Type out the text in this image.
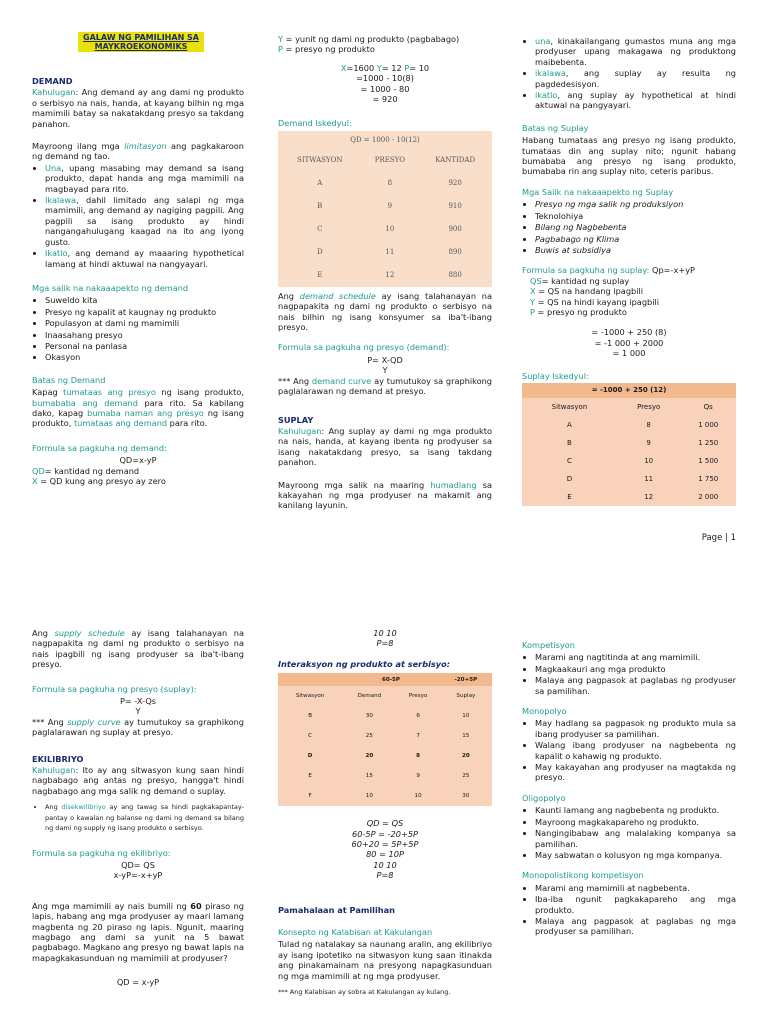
GALAW NG PAMILIHAN SA MAYKROEKONOMIKS
DEMAND

Kahulugan: Ang demand ay ang dami ng produkto o serbisyo na nais, handa, at kayang bilhin ng mga mamimili batay sa nakatakdang presyo sa takdang panahon.

Mayroong ilang mga limitasyon ang pagkakaroon ng demand ng tao.

• Una, upang masabing may demand sa isang produkto, dapat handa ang mga mamimili na magbayad para rito.
• Ikalawa, dahil limitado ang salapi ng mga mamimili, ang demand ay nagiging pagpili. Ang pagpili sa isang produkto ay hindi nangangahulugang kaagad na ito ang iyong gusto.
• Ikatlo, ang demand ay maaaring hypothetical lamang at hindi aktuwal na nangyayari.
Mga salik na nakaaapekto ng demand
• Suweldo kita
• Presyo ng kapalit at kaugnay ng produkto
• Populasyon at dami ng mamimili
• Inaasahang presyo
• Personal na panlasa
• Okasyon
Batas ng Demand

Kapag tumataas ang presyo ng isang produkto, bumababa ang demand para rito. Sa kabilang dako, kapag bumaba naman ang presyo ng isang produkto, tumataas ang demand para rito.

Formula sa pagkuha ng demand:
QD=x-yP
QD= kantidad ng demand
X = QD kung ang presyo ay zero
Y = yunit ng dami ng produkto (pagbabago)
P = presyo ng produkto
X=1600 Y= 12 P= 10
=1000 - 10(8)
= 1000 - 80
= 920
Demand Iskedyul:
QD = 1000 - 10(12)		
SITWASYON	PRESYO	KANTIDAD
A	8	920
B	9	910
C	10	900
D	11	890
E	12	880

Ang demand schedule ay isang talahanayan na nagpapakita ng dami ng produkto o serbisyo na nais bilhin ng isang konsyumer sa iba't-ibang presyo.

Formula sa pagkuha ng presyo (demand):
P= X-QD
Y

*** Ang demand curve ay tumutukoy sa graphikong paglalarawan ng demand at presyo.

SUPLAY

Kahulugan: Ang suplay ay dami ng mga produkto na nais, handa, at kayang ibenta ng prodyuser sa isang nakatakdang presyo, sa isang takdang panahon.

Mayroong mga salik na maaring humadlang sa kakayahan ng mga prodyuser na makamit ang kanilang layunin.

• una, kinakailangang gumastos muna ang mga prodyuser upang makagawa ng produktong maibebenta.
• ikalawa, ang suplay ay resulta ng pagdedesisyon.
• ikatlo, ang suplay ay hypothetical at hindi aktuwal na pangyayari.
Batas ng Suplay

Habang tumataas ang presyo ng isang produkto, tumataas din ang suplay nito; ngunit habang bumababa ang presyo ng isang produkto, bumababa rin ang suplay nito, ceteris paribus.

Mga Salik na nakaaapekto ng Suplay
• Presyo ng mga salik ng produksiyon
• Teknolohiya
• Bilang ng Nagbebenta
• Pagbabago ng Klima
• Buwis at subsidiya
Formula sa pagkuha ng suplay: Qp=-x+yP
QS= kantidad ng suplay
X = QS na handang ipagbili
Y = QS na hindi kayang ipagbili
P = presyo ng produkto
= -1000 + 250 (8)
= -1 000 + 2000
= 1 000
Suplay Iskedyul:
= -1000 + 250 (12)		
Sitwasyon	Presyo	Qs
A	8	1 000
B	9	1 250
C	10	1 500
D	11	1 750
E	12	2 000
Page | 1

Ang supply schedule ay isang talahanayan na nagpapakita ng dami ng produkto o serbisyo na nais ipagbili ng isang prodyuser sa iba't-ibang presyo.

Formula sa pagkuha ng presyo (suplay):
P= -X-Qs
Y

*** Ang supply curve ay tumutukoy sa graphikong paglalarawan ng suplay at presyo.

EKILIBRIYO

Kahulugan: Ito ay ang sitwasyon kung saan hindi nagbabago ang antas ng presyo, hangga't hindi nagbabago ang mga salik ng demand o suplay.

• Ang disekwilibriyo ay ang tawag sa hindi pagkakapantay-pantay o kawalan ng balanse ng dami ng demand sa bilang ng dami ng supply ng isang produkto o serbisyo.
Formula sa pagkuha ng ekilibriyo:
QD= QS
x-yP=-x+yP

Ang mga mamimili ay nais bumili ng 60 piraso ng lapis, habang ang mga prodyuser ay maari lamang magbenta ng 20 piraso ng lapis. Ngunit, maaring magbago ang dami sa yunit na 5 bawat pagbabago. Magkano ang presyo ng bawat lapis na mapagkakasunduan ng mamimili at prodyuser?

QD = x-yP
10 10
P=8
Interaksyon ng produkto at serbisyo:
	60-5P		-20+5P
Sitwasyon	Demand	Presyo	Suplay
B	30	6	10
C	25	7	15
D	20	8	20
E	15	9	25
F	10	10	30
QD = QS
60-5P = -20+5P
60+20 = 5P+5P
80 = 10P
10 10
P=8
Pamahalaan at Pamilihan
Konsepto ng Kalabisan at Kakulangan

Tulad ng natalakay sa naunang aralin, ang ekilibriyo ay isang ipotetiko na sitwasyon kung saan itinakda ang pinakamainam na presyong napagkasunduan ng mga mamimili at ng mga prodyuser.

*** Ang Kalabisan ay sobra at Kakulangan ay kulang.
Kompetisyon
• Marami ang nagtitinda at ang mamimili.
• Magkaakauri ang mga produkto
• Malaya ang pagpasok at paglabas ng prodyuser sa pamilihan.
Monopolyo
• May hadlang sa pagpasok ng produkto mula sa ibang prodyuser sa pamilihan.
• Walang ibang prodyuser na nagbebenta ng kapalit o kahawig ng produkto.
• May kakayahan ang prodyuser na magtakda ng presyo.
Oligopolyo
• Kaunti lamang ang nagbebenta ng produkto.
• Mayroong magkakapareho ng produkto.
• Nangingibabaw ang malalaking kompanya sa pamilihan.
• May sabwatan o kolusyon ng mga kompanya.
Monopolistikong kompetisyon
• Marami ang mamimili at nagbebenta.
• Iba-iba ngunit pagkakapareho ang mga produkto.
• Malaya ang pagpasok at paglabas ng mga prodyuser sa pamilihan.
